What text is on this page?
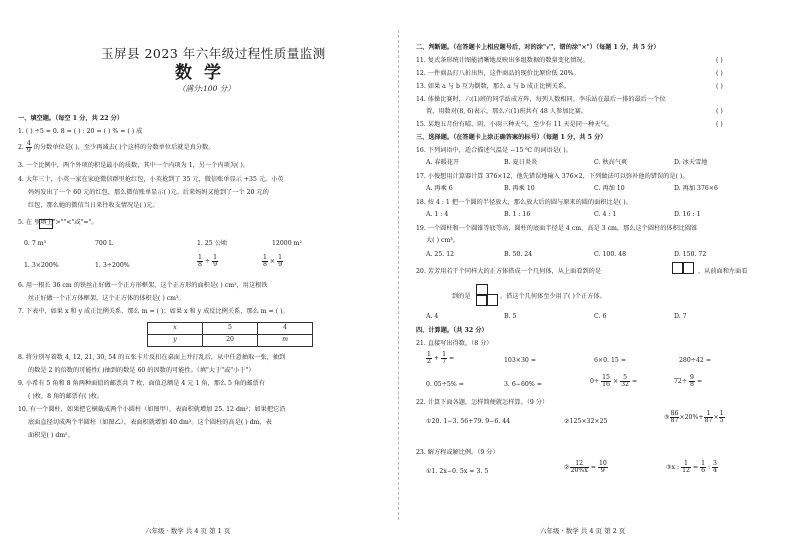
玉屏县 2023 年六年级过程性质量监测
数学
（满分:100 分）
一、填空题。（每空 1 分，共 22 分）
1. ( ) ÷5 = 0. 8 = ( ) : 20 = ( ) % = ( ) 成
2. $\frac{4}{9}$ 的分数单位是( )，至少再减去( )个这样的分数单位后就是真分数。
3. 一个比例中，两个外项的积是最小的质数，其中一个内项为 1，另一个内项为( )。
4. 大年三十，小英一家在家庭微信群里抢红包，小英抢到了 35 元，微信账单显示 +35 元，小英
妈妈发出了一个 60 元的红包，那么微信账单显示( )元。后来妈妈又抢到了一个 20 元的
红包，那么她的微信当日来往收支情况是( )元。
5. 在 里填上">""<"或"="。
0. 7 m³	700 L	1. 25 公顷	12000 m²
1. 3×200%	1. 3÷200%	$\frac{1}{8} \div \frac{1}{9}$	$\frac{1}{8} \times \frac{1}{9}$
6. 用一根长 36 cm 的铁丝正好做一个正方形框架，这个正方形的面积是( ) cm²，用这根铁
丝正好做一个正方体框架，这个正方体的体积是( ) cm³。
7. 下表中，如果 x 和 y 成正比例关系，那么 m = ( )；如果 x 和 y 成反比例关系，那么 m = ( )。
x	5	4
y	20	m
8. 将分别写着数 4, 12, 21, 30, 54 的五张卡片反扣在桌面上并打乱后，从中任意抽取一张，抽到
的数是 2 的倍数的可能性( )抽到的数是 60 的因数的可能性。（填"大于"或"小于"）
9. 小希有 5 角和 8 角两种面值的邮票共 7 枚，面值总额是 4 元 1 角，那么 5 角的邮票有
( )枚，8 角的邮票有( )枚。
10. 有一个圆柱，如果把它横截成两个小圆柱（如图甲），表面积就增加 25. 12 dm²；如果把它沿
底面直径切成两个半圆柱（如图乙），表面积就增加 40 dm²。这个圆柱的高是( ) dm，表
面积是( ) dm²。
六年级 · 数学 共 4 页 第 1 页
二、判断题。（在答题卡上相应题号后，对的涂"√"，错的涂"×"）（每题 1 分，共 5 分）
11. 复式条形统计图能清晰地反映出多组数据的数量变化情况。	( )
12. 一件商品打八折出售，这件商品的现价比原价低 20%。	( )
13. 如果 a 与 b 互为倒数，那么 a 与 b 成正比例关系。	( )
14. 体操比赛时，六(1)班的同学站成方阵，每列人数相同。李乐站在最后一排的最后一个位
置，用数对(8, 6)表示，那么六(1)班共有 48 人参加比赛。	( )
15. 某地五月份有晴、阴、小雨三种天气，至少有 11 天是同一种天气。	( )
三、选择题。（在答题卡上涂正确答案的标号）（每题 1 分，共 5 分）
16. 下列词语中，适合描述气温是 −15 ℃ 的词语是( )。
A. 春暖花开	B. 夏日炎炎	C. 秋高气爽	D. 冰天雪地
17. 小俊想用计算器计算 376×12，他先错误地输入 376×2，下列做法可以弥补他的错误的是( )。
A. 再乘 6	B. 再乘 10	C. 再加 10	D. 再加 376×6
18. 按 4 : 1 把一个圆的半径放大，那么放大后的圆与原来的圆的面积比是( )。
A. 1 : 4	B. 1 : 16	C. 4 : 1	D. 16 : 1
19. 一个圆柱和一个圆锥等底等高，圆柱的底面半径是 4 cm，高是 3 cm，那么这个圆柱的体积比圆锥
大( ) cm³。
A. 25. 12	B. 50. 24	C. 100. 48	D. 150. 72
20. 芳芳用若干个同样大的正方体搭成一个几何体，从上面看到的是	，从前面和左面看
到的是	。搭这个几何体至少用了( )个正方体。
A. 4	B. 5	C. 6	D. 7
四、计算题。（共 32 分）
21. 直接写出得数。（8 分）
$\frac{1}{2} + \frac{1}{7}$ =	103×30 =	6×0. 15 =	280÷42 =
0. 05÷5% =	3. 6−60% =	$0\div \frac{15}{16} \times \frac{5}{32}$ =	$72\div \frac{9}{8}$ =
22. 计算下面各题，怎样简便就怎样算。（9 分）
①20. 1−3. 56+79. 9−6. 44	②125×32×25
③ $\frac{86}{87} \times 20\%+ \frac{1}{87} \times \frac{1}{5}$
23. 解方程或解比例。（9 分）
①1. 2x−0. 5x = 3. 5
② $\frac{12}{20\%x} = \frac{10}{9}$	③x : $\frac{1}{12} = \frac{1}{6}$ : $\frac{3}{4}$
六年级 · 数学 共 4 页 第 2 页
